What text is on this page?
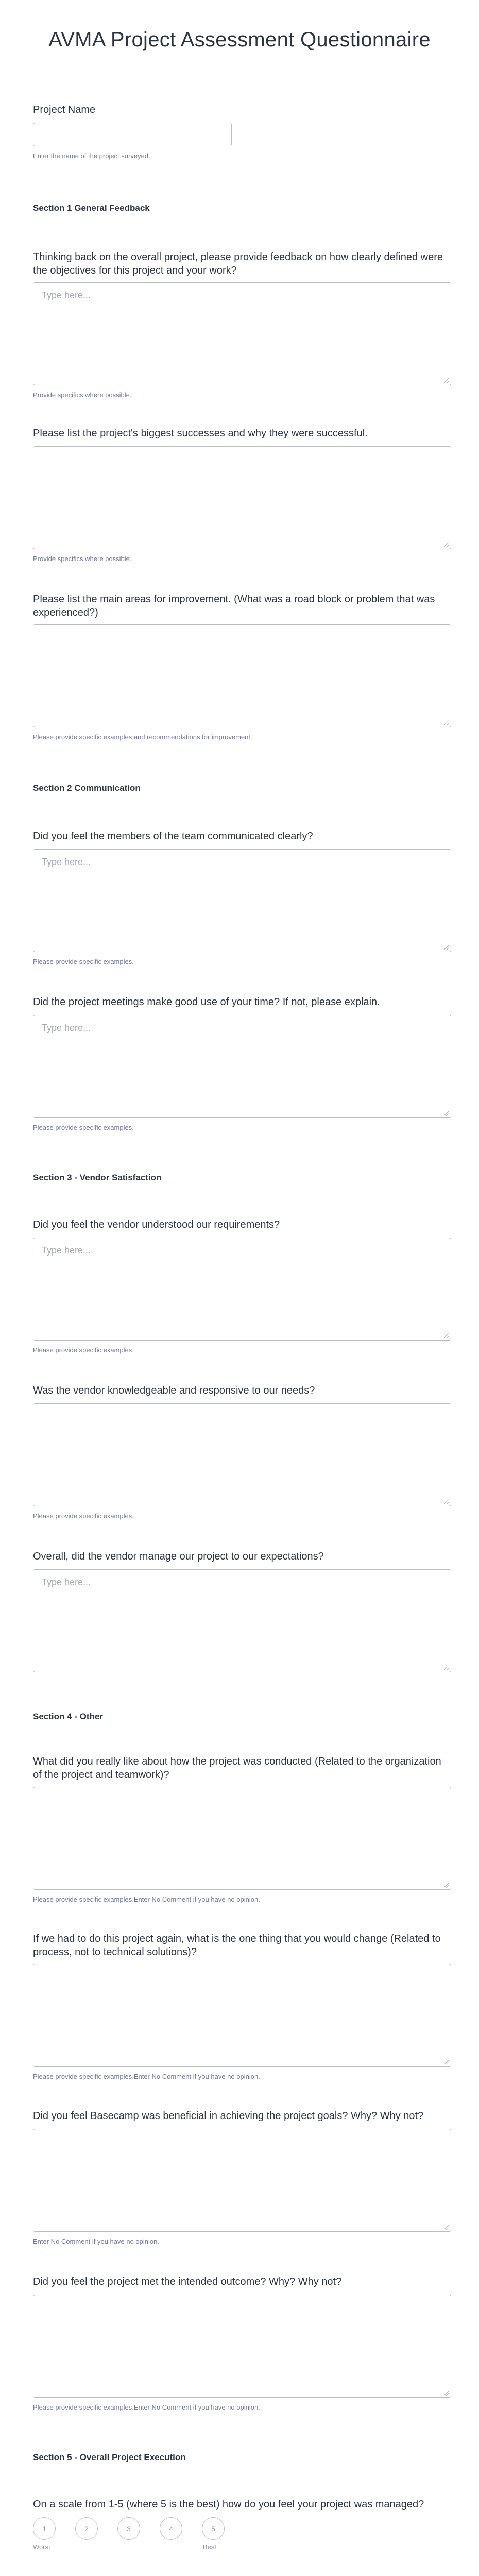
AVMA Project Assessment Questionnaire
Project Name
Enter the name of the project surveyed.
Section 1 General Feedback
Thinking back on the overall project, please provide feedback on how clearly defined were the objectives for this project and your work?
Type here...
Provide specifics where possible.
Please list the project's biggest successes and why they were successful.
Provide specifics where possible.
Please list the main areas for improvement. (What was a road block or problem that was experienced?)
Please provide specific examples and recommendations for improvement.
Section 2 Communication
Did you feel the members of the team communicated clearly?
Type here...
Please provide specific examples.
Did the project meetings make good use of your time? If not, please explain.
Type here...
Please provide specific examples.
Section 3 - Vendor Satisfaction
Did you feel the vendor understood our requirements?
Type here...
Please provide specific examples.
Was the vendor knowledgeable and responsive to our needs?
Please provide specific examples.
Overall, did the vendor manage our project to our expectations?
Type here...
Section 4 - Other
What did you really like about how the project was conducted (Related to the organization of the project and teamwork)?
Please provide specific examples.Enter No Comment if you have no opinion.
If we had to do this project again, what is the one thing that you would change (Related to process, not to technical solutions)?
Please provide specific examples.Enter No Comment if you have no opinion.
Did you feel Basecamp was beneficial in achieving the project goals? Why? Why not?
Enter No Comment if you have no opinion.
Did you feel the project met the intended outcome? Why? Why not?
Please provide specific examples.Enter No Comment if you have no opinion.
Section 5 - Overall Project Execution
On a scale from 1-5 (where 5 is the best) how do you feel your project was managed?
1	2	3	4	5
Worst	Best
